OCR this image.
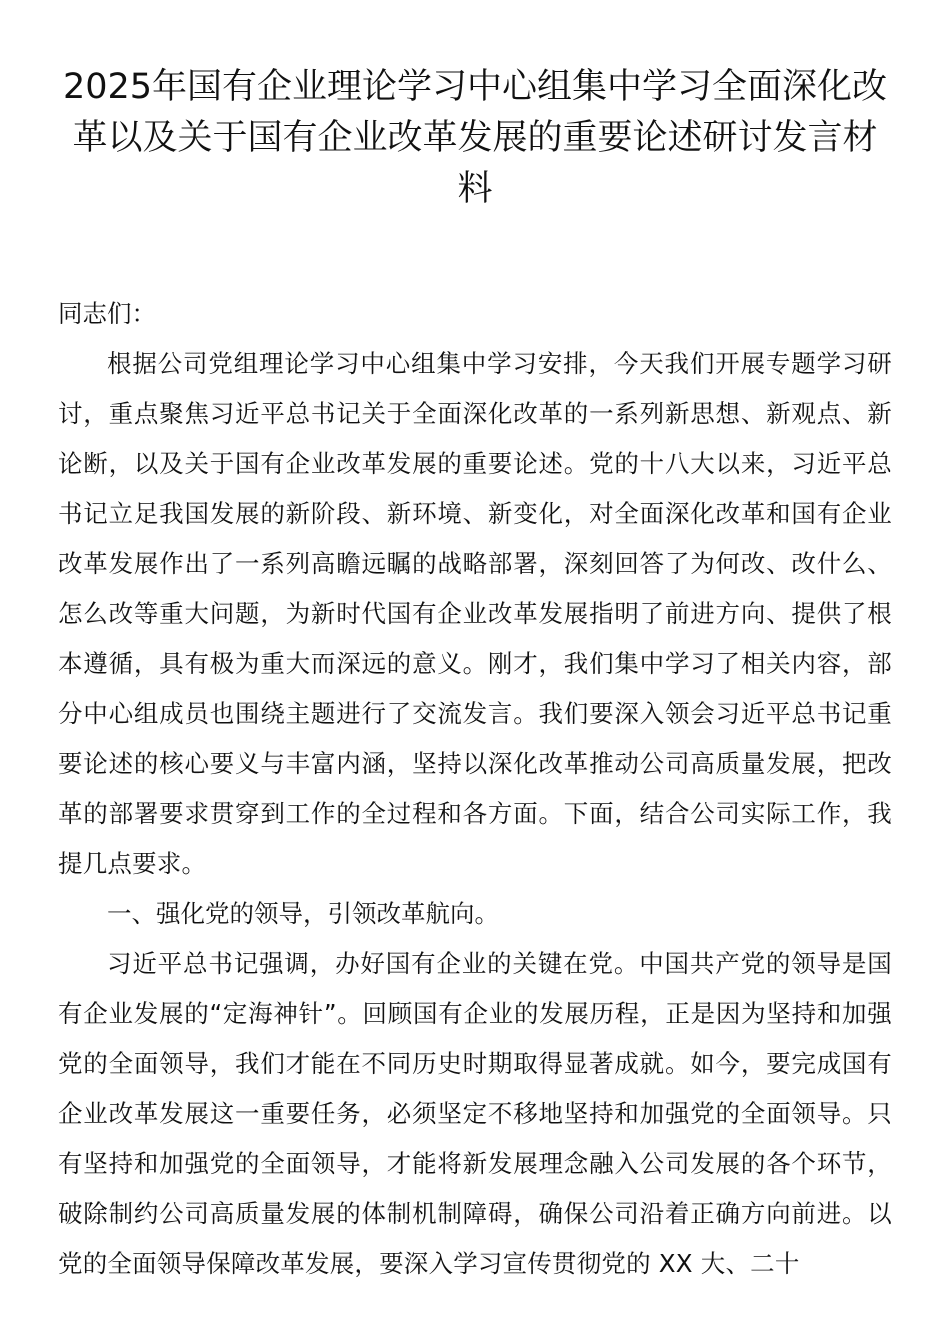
2025年国有企业理论学习中心组集中学习全面深化改革以及关于国有企业改革发展的重要论述研讨发言材料

同志们：

根据公司党组理论学习中心组集中学习安排，今天我们开展专题学习研讨，重点聚焦习近平总书记关于全面深化改革的一系列新思想、新观点、新论断，以及关于国有企业改革发展的重要论述。党的十八大以来，习近平总书记立足我国发展的新阶段、新环境、新变化，对全面深化改革和国有企业改革发展作出了一系列高瞻远瞩的战略部署，深刻回答了为何改、改什么、怎么改等重大问题，为新时代国有企业改革发展指明了前进方向、提供了根本遵循，具有极为重大而深远的意义。刚才，我们集中学习了相关内容，部分中心组成员也围绕主题进行了交流发言。我们要深入领会习近平总书记重要论述的核心要义与丰富内涵，坚持以深化改革推动公司高质量发展，把改革的部署要求贯穿到工作的全过程和各方面。下面，结合公司实际工作，我提几点要求。

一、强化党的领导，引领改革航向。

习近平总书记强调，办好国有企业的关键在党。中国共产党的领导是国有企业发展的“定海神针”。回顾国有企业的发展历程，正是因为坚持和加强党的全面领导，我们才能在不同历史时期取得显著成就。如今，要完成国有企业改革发展这一重要任务，必须坚定不移地坚持和加强党的全面领导。只有坚持和加强党的全面领导，才能将新发展理念融入公司发展的各个环节，破除制约公司高质量发展的体制机制障碍，确保公司沿着正确方向前进。以党的全面领导保障改革发展，要深入学习宣传贯彻党的 XX 大、二十
